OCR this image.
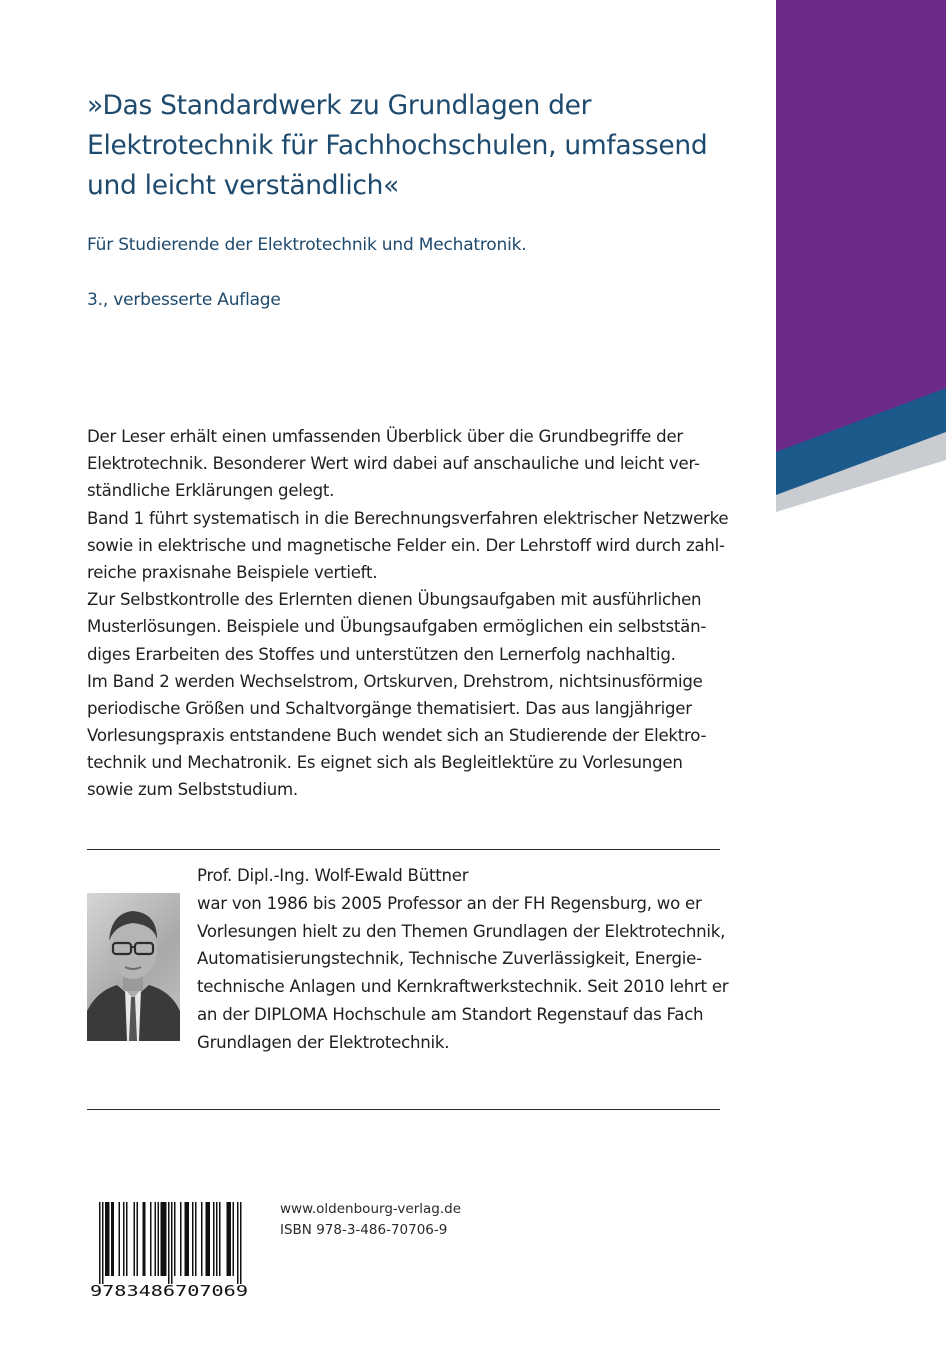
»Das Standardwerk zu Grundlagen der
Elektrotechnik für Fachhochschulen, umfassend
und leicht verständlich«

Für Studierende der Elektrotechnik und Mechatronik.

3., verbesserte Auflage

Der Leser erhält einen umfassenden Überblick über die Grundbegriffe der
Elektrotechnik. Besonderer Wert wird dabei auf anschauliche und leicht ver-
ständliche Erklärungen gelegt.
Band 1 führt systematisch in die Berechnungsverfahren elektrischer Netzwerke
sowie in elektrische und magnetische Felder ein. Der Lehrstoff wird durch zahl-
reiche praxisnahe Beispiele vertieft.
Zur Selbstkontrolle des Erlernten dienen Übungsaufgaben mit ausführlichen
Musterlösungen. Beispiele und Übungsaufgaben ermöglichen ein selbststän-
diges Erarbeiten des Stoffes und unterstützen den Lernerfolg nachhaltig.
Im Band 2 werden Wechselstrom, Ortskurven, Drehstrom, nichtsinusförmige
periodische Größen und Schaltvorgänge thematisiert. Das aus langjähriger
Vorlesungspraxis entstandene Buch wendet sich an Studierende der Elektro-
technik und Mechatronik. Es eignet sich als Begleitlektüre zu Vorlesungen
sowie zum Selbststudium.
Prof. Dipl.-Ing. Wolf-Ewald Büttner
war von 1986 bis 2005 Professor an der FH Regensburg, wo er
Vorlesungen hielt zu den Themen Grundlagen der Elektrotechnik,
Automatisierungstechnik, Technische Zuverlässigkeit, Energie-
technische Anlagen und Kernkraftwerkstechnik. Seit 2010 lehrt er
an der DIPLOMA Hochschule am Standort Regenstauf das Fach
Grundlagen der Elektrotechnik.
9783486707069
www.oldenbourg-verlag.de
ISBN 978-3-486-70706-9
